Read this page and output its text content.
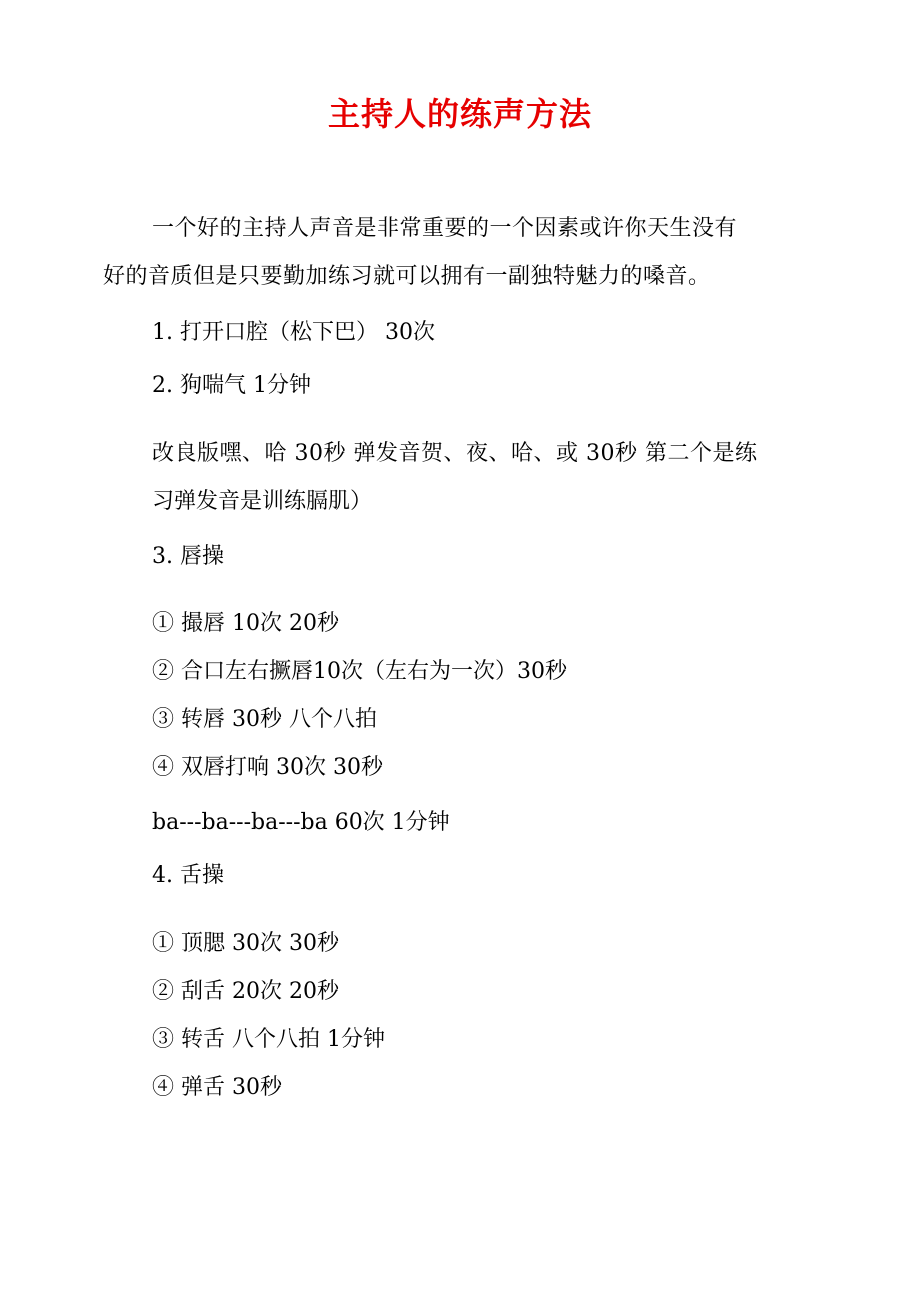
主持人的练声方法
一个好的主持人声音是非常重要的一个因素或许你天生没有
好的音质但是只要勤加练习就可以拥有一副独特魅力的嗓音。
1. 打开口腔（松下巴） 30次
2. 狗喘气 1分钟
改良版嘿、哈 30秒 弹发音贺、夜、哈、或 30秒 第二个是练
习弹发音是训练膈肌）
3. 唇操
① 撮唇 10次 20秒
② 合口左右撅唇10次（左右为一次）30秒
③ 转唇 30秒 八个八拍
④ 双唇打响 30次 30秒
ba---ba---ba---ba 60次 1分钟
4. 舌操
① 顶腮 30次 30秒
② 刮舌 20次 20秒
③ 转舌 八个八拍 1分钟
④ 弹舌 30秒
